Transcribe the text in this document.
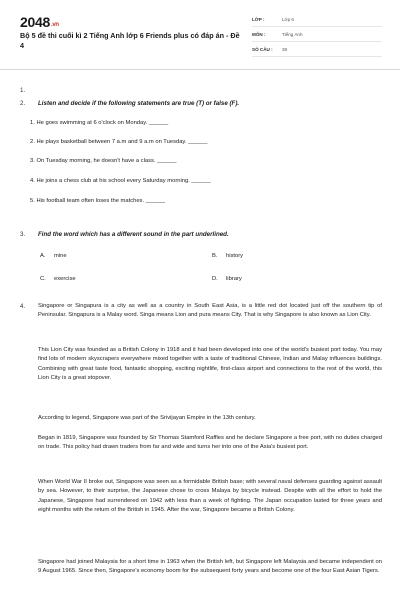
2048.vn
Bộ 5 đề thi cuối kì 2 Tiếng Anh lớp 6 Friends plus có đáp án - Đề 4
LỚP :	Lớp 6
MÔN :	Tiếng Anh
SỐ CÂU :	39
1.
2.	Listen and decide if the following statements are true (T) or false (F).
1. He goes swimming at 6 o'clock on Monday. ______
2. He plays basketball between 7 a.m and 9 a.m on Tuesday. ______
3. On Tuesday morning, he doesn't have a class. ______
4. He joins a chess club at his school every Saturday morning. ______
5. His football team often loses the matches. ______
3.	Find the word which has a different sound in the part underlined.
A. mine	B. history
C. exercise	D. library
4.	Singapore or Singapura is a city as well as a country in South East Asia, is a little red dot located just off the southern tip of Peninsular. Singapura is a Malay word. Singa means Lion and pura means City. That is why Singapore is also known as Lion City.
This Lion City was founded as a British Colony in 1918 and it had been developed into one of the world's busiest port today. You may find lots of modern skyscrapers everywhere mixed together with a taste of traditional Chinese, Indian and Malay influences buildings. Combining with great taste food, fantastic shopping, exciting nightlife, first-class airport and connections to the rest of the world, this Lion City is a great stopover.
According to legend, Singapore was part of the Srivijayan Empire in the 13th century.
Began in 1819, Singapore was founded by Sir Thomas Stamford Raffles and he declare Singapore a free port, with no duties charged on trade. This policy had drawn traders from far and wide and turns her into one of the Asia's busiest port.
When World War II broke out, Singapore was seen as a formidable British base; with several naval defenses guarding against assault by sea. However, to their surprise, the Japanese chose to cross Malaya by bicycle instead. Despite with all the effort to hold the Japanese, Singapore had surrendered on 1942 with less than a week of fighting. The Japan occupation lasted for three years and eight months with the return of the British in 1945. After the war, Singapore became a British Colony.
Singapore had joined Malaysia for a short time in 1963 when the British left, but Singapore left Malaysia and became independent on 9 August 1965. Since then, Singapore's economy boom for the subsequent forty years and become one of the four East Asian Tigers.
